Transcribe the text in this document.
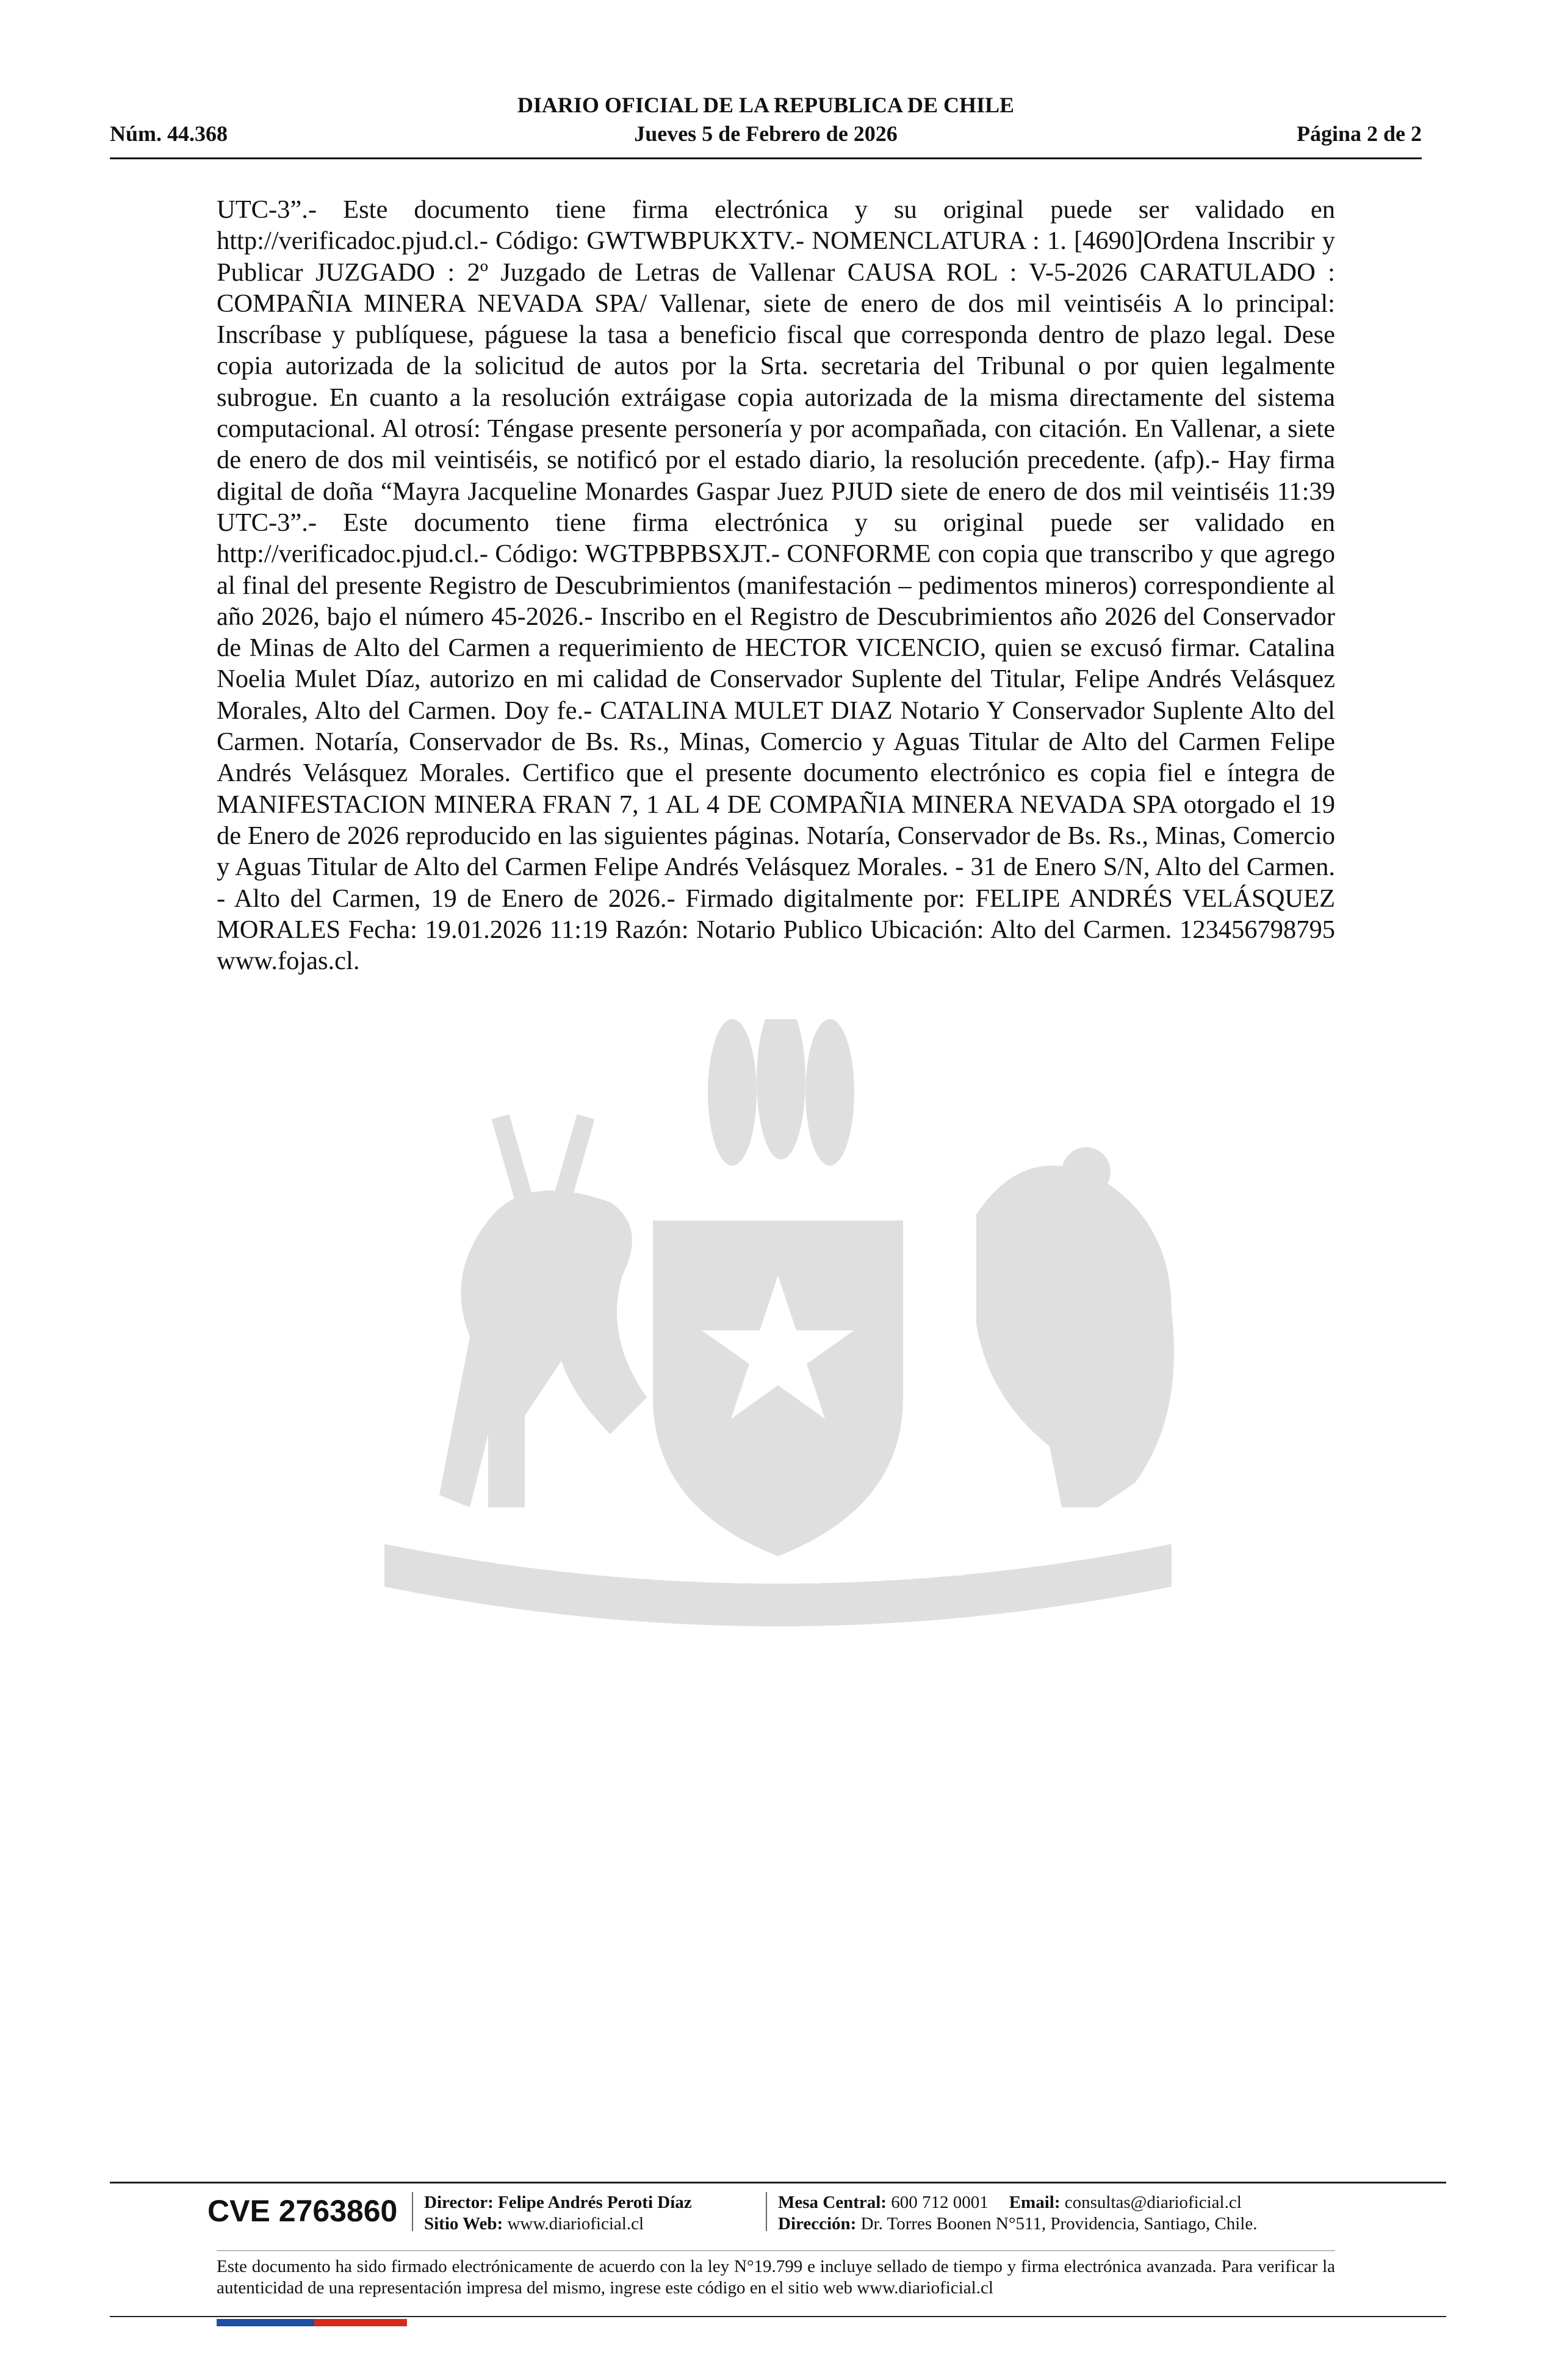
DIARIO OFICIAL DE LA REPUBLICA DE CHILE
Núm. 44.368	Jueves 5 de Febrero de 2026	Página 2 de 2
POR LA RAZON O LA FUERZA

UTC-3”.- Este documento tiene firma electrónica y su original puede ser validado en http://verificadoc.pjud.cl.- Código: GWTWBPUKXTV.- NOMENCLATURA : 1. [4690]Ordena Inscribir y Publicar JUZGADO : 2º Juzgado de Letras de Vallenar CAUSA ROL : V-5-2026 CARATULADO : COMPAÑIA MINERA NEVADA SPA/ Vallenar, siete de enero de dos mil veintiséis A lo principal: Inscríbase y publíquese, páguese la tasa a beneficio fiscal que corresponda dentro de plazo legal. Dese copia autorizada de la solicitud de autos por la Srta. secretaria del Tribunal o por quien legalmente subrogue. En cuanto a la resolución extráigase copia autorizada de la misma directamente del sistema computacional. Al otrosí: Téngase presente personería y por acompañada, con citación. En Vallenar, a siete de enero de dos mil veintiséis, se notificó por el estado diario, la resolución precedente. (afp).- Hay firma digital de doña “Mayra Jacqueline Monardes Gaspar Juez PJUD siete de enero de dos mil veintiséis 11:39 UTC-3”.- Este documento tiene firma electrónica y su original puede ser validado en http://verificadoc.pjud.cl.- Código: WGTPBPBSXJT.- CONFORME con copia que transcribo y que agrego al final del presente Registro de Descubrimientos (manifestación – pedimentos mineros) correspondiente al año 2026, bajo el número 45-2026.- Inscribo en el Registro de Descubrimientos año 2026 del Conservador de Minas de Alto del Carmen a requerimiento de HECTOR VICENCIO, quien se excusó firmar. Catalina Noelia Mulet Díaz, autorizo en mi calidad de Conservador Suplente del Titular, Felipe Andrés Velásquez Morales, Alto del Carmen. Doy fe.- CATALINA MULET DIAZ Notario Y Conservador Suplente Alto del Carmen. Notaría, Conservador de Bs. Rs., Minas, Comercio y Aguas Titular de Alto del Carmen Felipe Andrés Velásquez Morales. Certifico que el presente documento electrónico es copia fiel e íntegra de MANIFESTACION MINERA FRAN 7, 1 AL 4 DE COMPAÑIA MINERA NEVADA SPA otorgado el 19 de Enero de 2026 reproducido en las siguientes páginas. Notaría, Conservador de Bs. Rs., Minas, Comercio y Aguas Titular de Alto del Carmen Felipe Andrés Velásquez Morales. - 31 de Enero S/N, Alto del Carmen. - Alto del Carmen, 19 de Enero de 2026.- Firmado digitalmente por: FELIPE ANDRÉS VELÁSQUEZ MORALES Fecha: 19.01.2026 11:19 Razón: Notario Publico Ubicación: Alto del Carmen. 123456798795 www.fojas.cl.

CVE 2763860	Director: Felipe Andrés Peroti Díaz
Sitio Web: www.diarioficial.cl
Mesa Central: 600 712 0001 Email: consultas@diarioficial.cl
Dirección: Dr. Torres Boonen N°511, Providencia, Santiago, Chile.
Este documento ha sido firmado electrónicamente de acuerdo con la ley N°19.799 e incluye sellado de tiempo y firma electrónica avanzada. Para verificar la autenticidad de una representación impresa del mismo, ingrese este código en el sitio web www.diarioficial.cl
